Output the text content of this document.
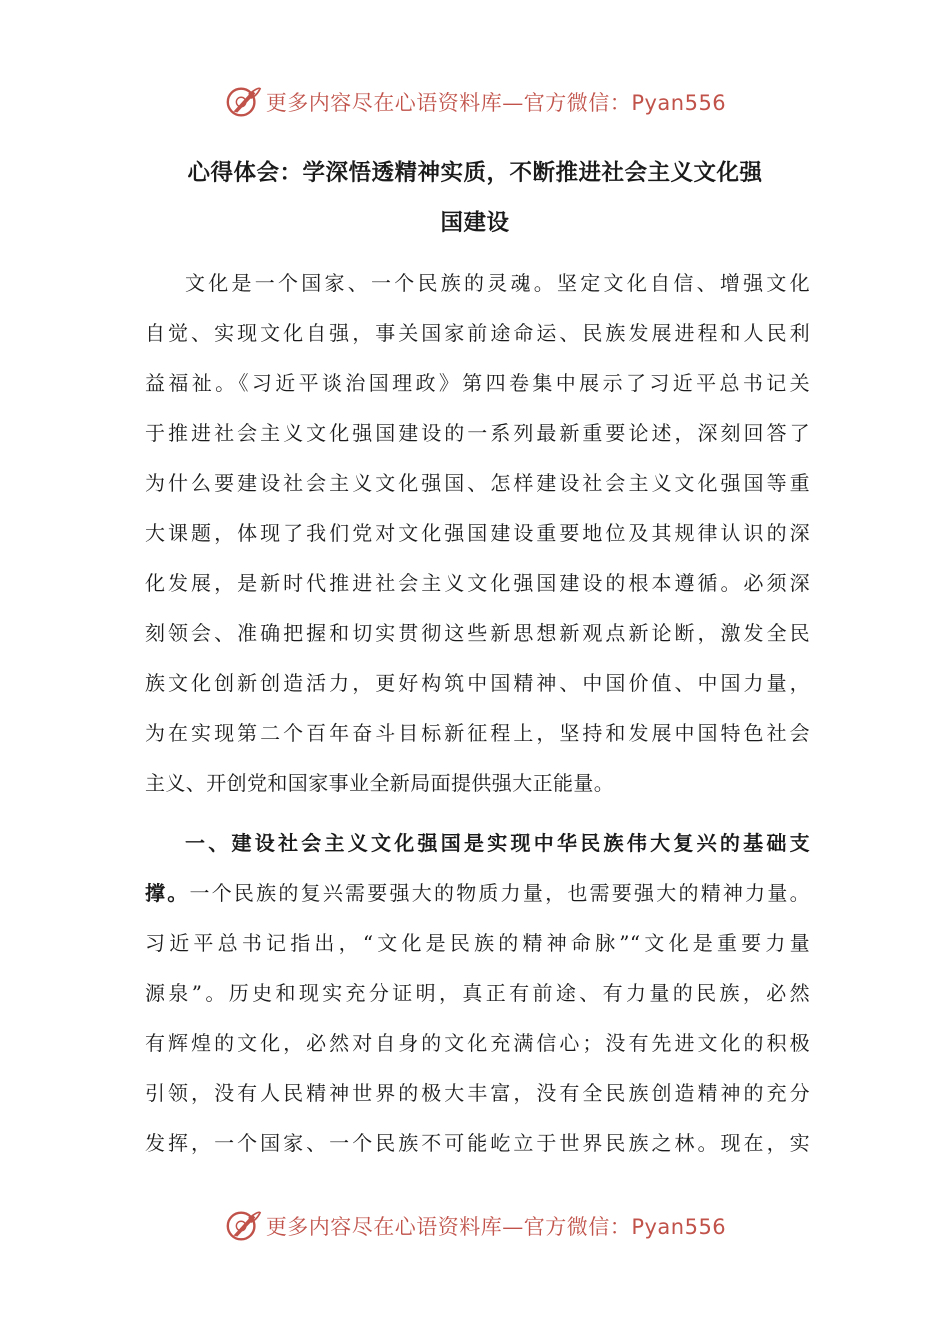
更多内容尽在心语资料库—官方微信：Pyan556
心得体会：学深悟透精神实质，不断推进社会主义文化强
国建设
文化是一个国家、一个民族的灵魂。坚定文化自信、增强文化
自觉、实现文化自强，事关国家前途命运、民族发展进程和人民利
益福祉。《习近平谈治国理政》第四卷集中展示了习近平总书记关
于推进社会主义文化强国建设的一系列最新重要论述，深刻回答了
为什么要建设社会主义文化强国、怎样建设社会主义文化强国等重
大课题，体现了我们党对文化强国建设重要地位及其规律认识的深
化发展，是新时代推进社会主义文化强国建设的根本遵循。必须深
刻领会、准确把握和切实贯彻这些新思想新观点新论断，激发全民
族文化创新创造活力，更好构筑中国精神、中国价值、中国力量，
为在实现第二个百年奋斗目标新征程上，坚持和发展中国特色社会
主义、开创党和国家事业全新局面提供强大正能量。
一、建设社会主义文化强国是实现中华民族伟大复兴的基础支
撑。一个民族的复兴需要强大的物质力量，也需要强大的精神力量。
习近平总书记指出，“文化是民族的精神命脉”“文化是重要力量
源泉”。历史和现实充分证明，真正有前途、有力量的民族，必然
有辉煌的文化，必然对自身的文化充满信心；没有先进文化的积极
引领，没有人民精神世界的极大丰富，没有全民族创造精神的充分
发挥，一个国家、一个民族不可能屹立于世界民族之林。现在，实
更多内容尽在心语资料库—官方微信：Pyan556
